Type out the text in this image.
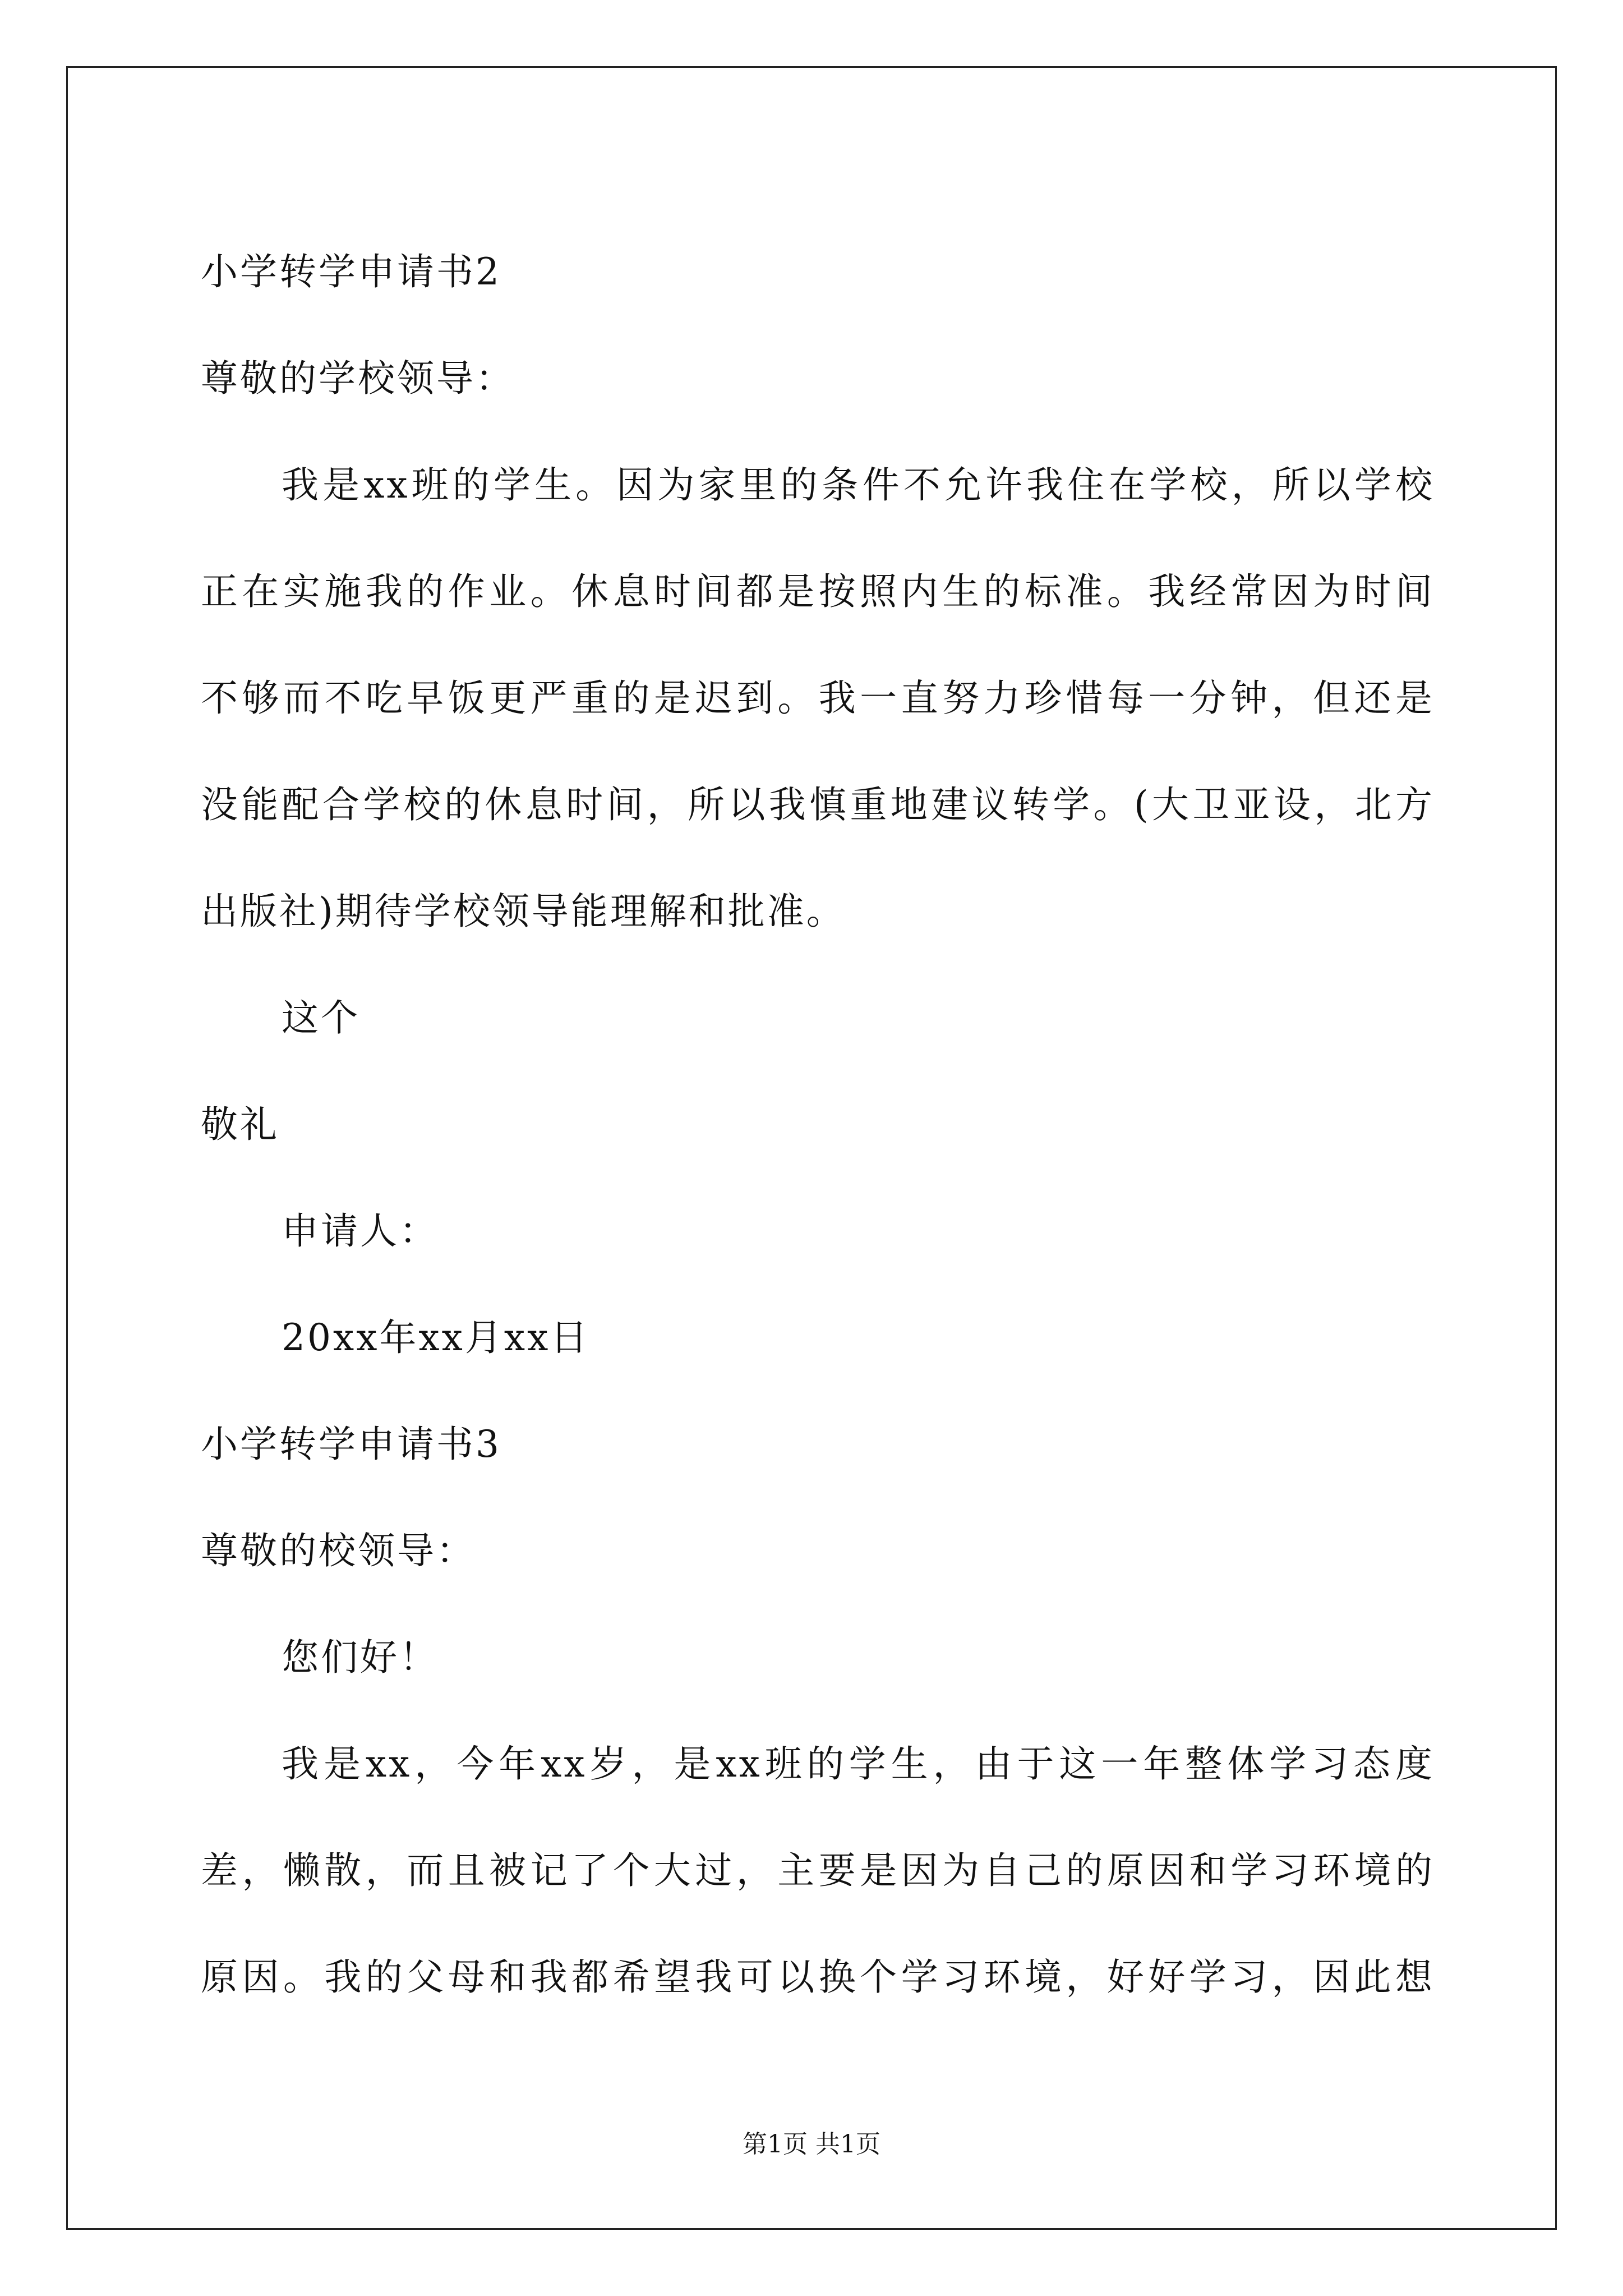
小学转学申请书2
尊敬的学校领导：
我是xx班的学生。因为家里的条件不允许我住在学校，所以学校
正在实施我的作业。休息时间都是按照内生的标准。我经常因为时间
不够而不吃早饭更严重的是迟到。我一直努力珍惜每一分钟，但还是
没能配合学校的休息时间，所以我慎重地建议转学。(大卫亚设，北方
出版社)期待学校领导能理解和批准。
这个
敬礼
申请人：
20xx年xx月xx日
小学转学申请书3
尊敬的校领导：
您们好！
我是xx，今年xx岁，是xx班的学生，由于这一年整体学习态度
差，懒散，而且被记了个大过，主要是因为自己的原因和学习环境的
原因。我的父母和我都希望我可以换个学习环境，好好学习，因此想
第1页 共1页
